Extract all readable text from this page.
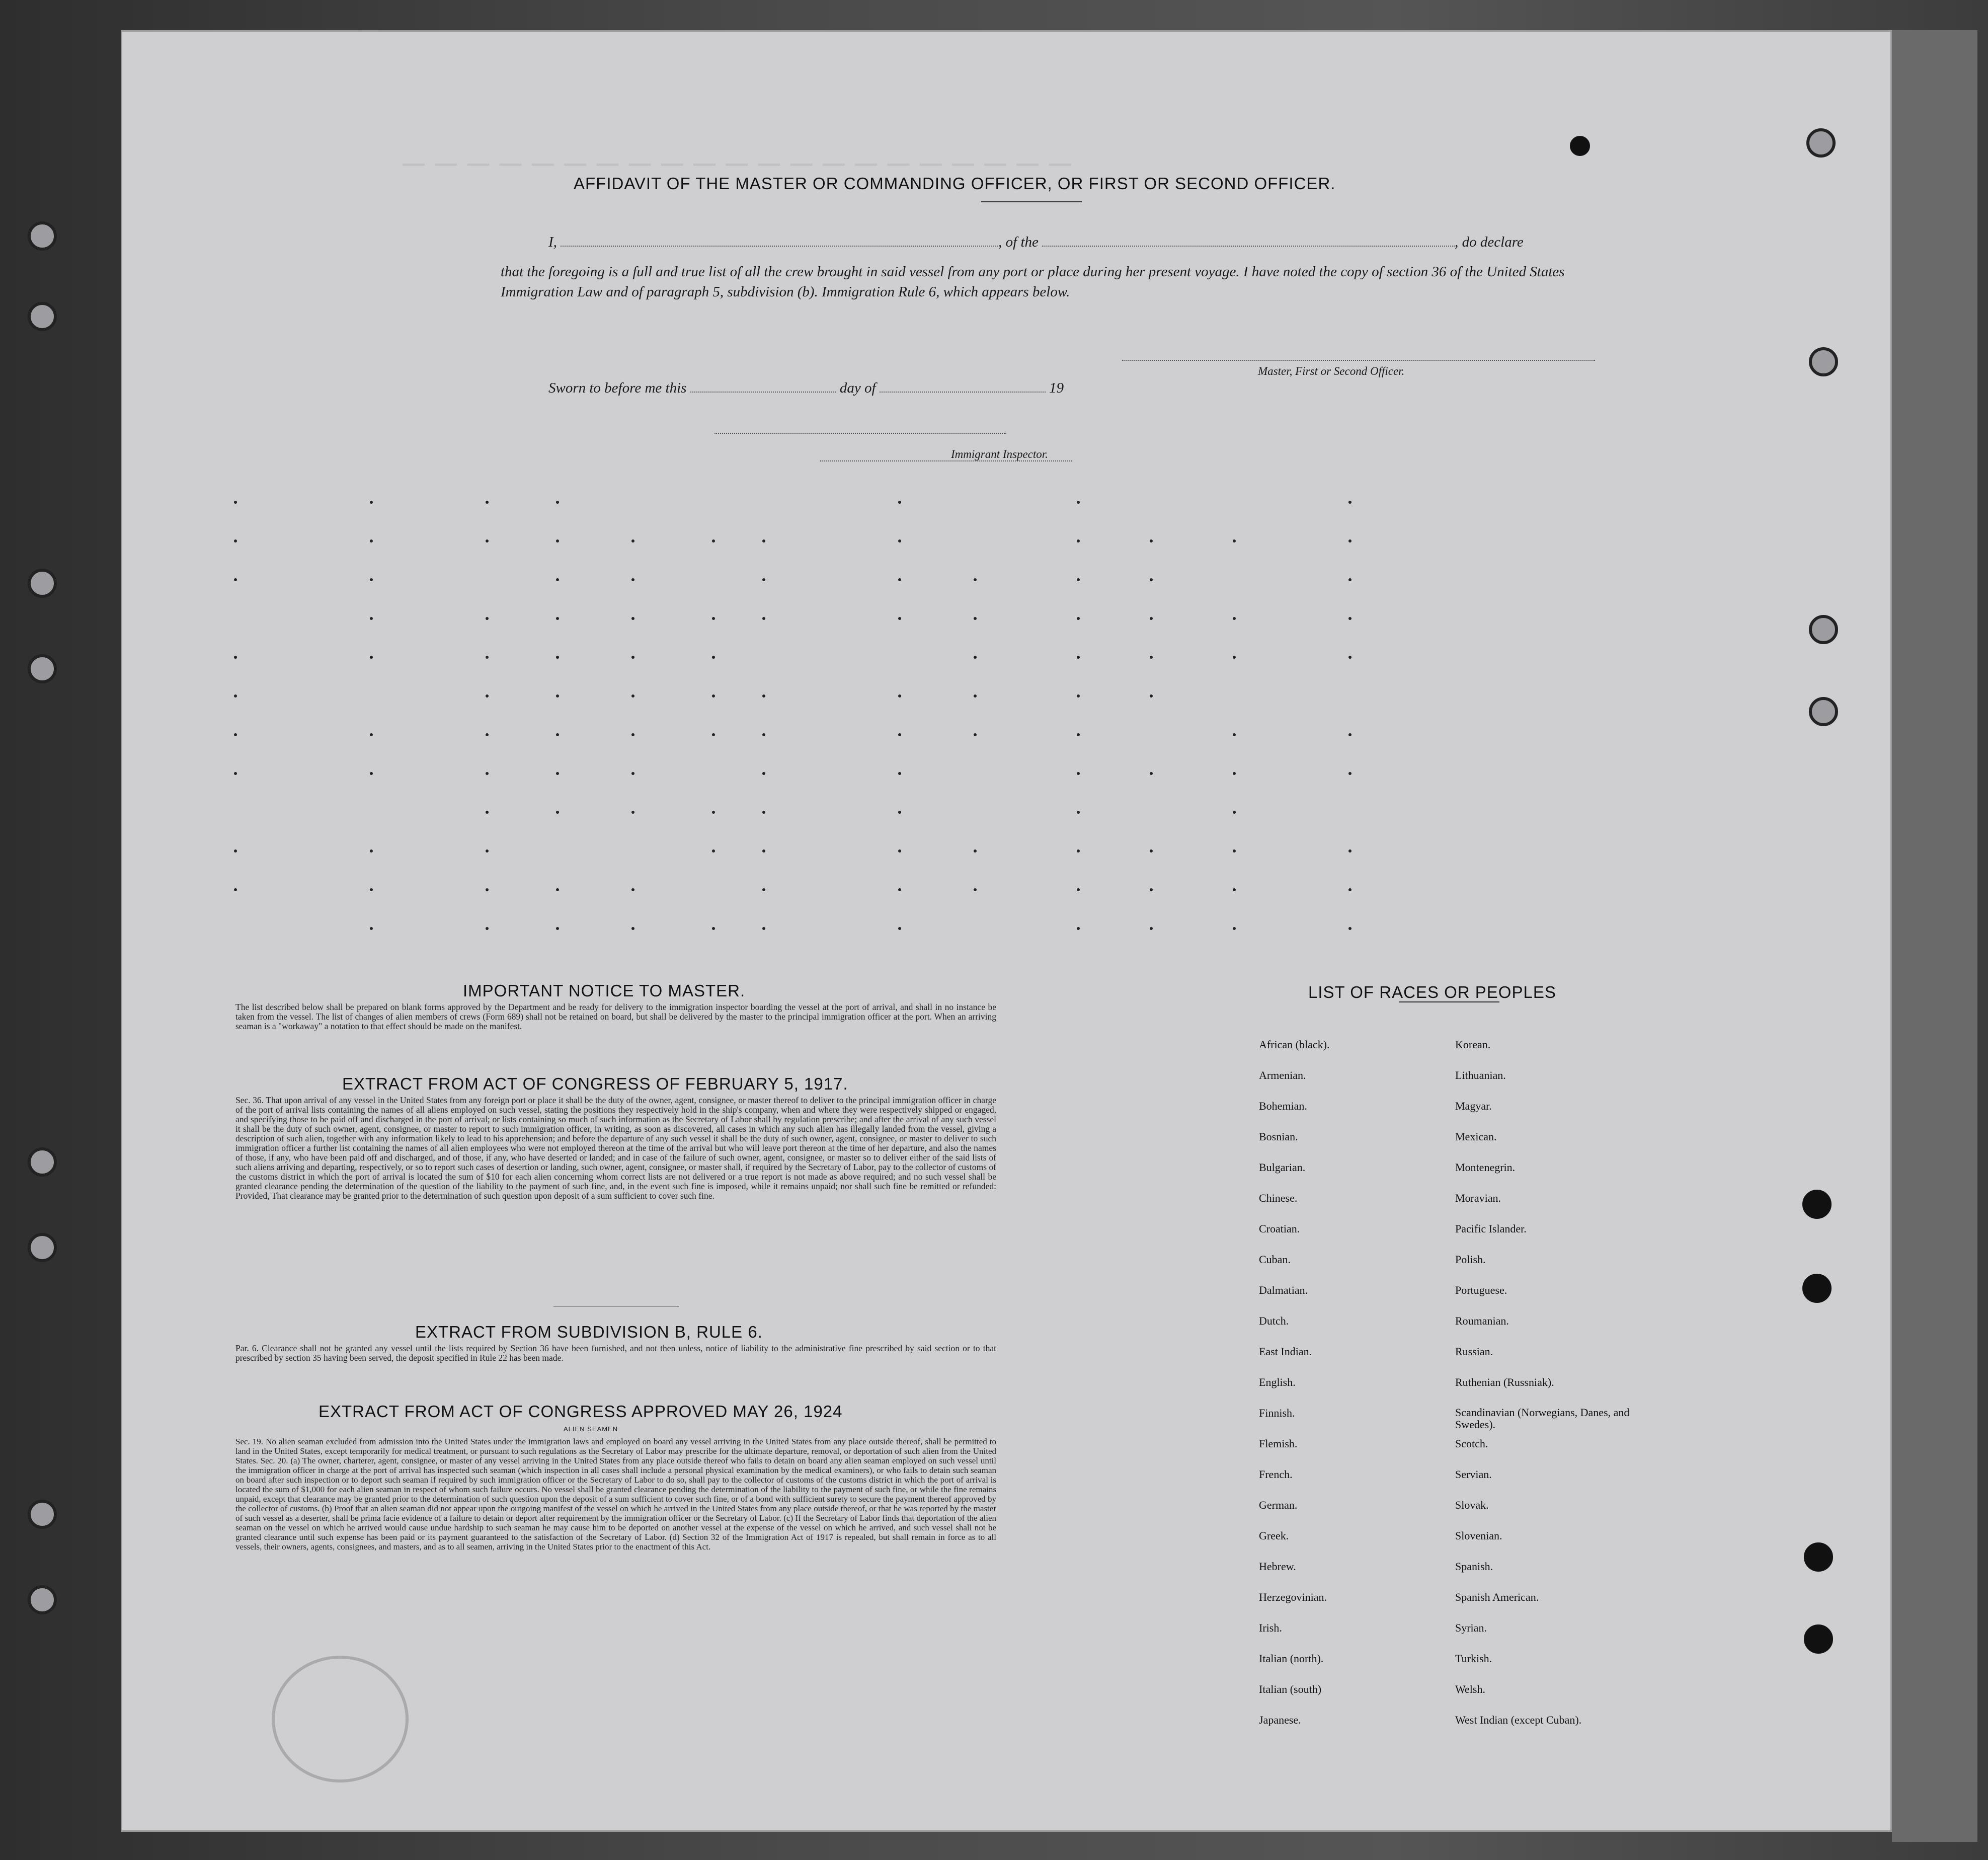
— — — — — — — — — — — — — — — — — — — — —
AFFIDAVIT OF THE MASTER OR COMMANDING OFFICER, OR FIRST OR SECOND OFFICER.
I,	, of the	, do declare
that the foregoing is a full and true list of all the crew brought in said vessel from any port or place during her present voyage. I have noted the copy of section 36 of the United States Immigration Law and of paragraph 5, subdivision (b). Immigration Rule 6, which appears below.
Master, First or Second Officer.
Sworn to before me this	day of	19
Immigrant Inspector.
IMPORTANT NOTICE TO MASTER.
The list described below shall be prepared on blank forms approved by the Department and be ready for delivery to the immigration inspector boarding the vessel at the port of arrival, and shall in no instance be taken from the vessel. The list of changes of alien members of crews (Form 689) shall not be retained on board, but shall be delivered by the master to the principal immigration officer at the port. When an arriving seaman is a "workaway" a notation to that effect should be made on the manifest.
EXTRACT FROM ACT OF CONGRESS OF FEBRUARY 5, 1917.
Sec. 36. That upon arrival of any vessel in the United States from any foreign port or place it shall be the duty of the owner, agent, consignee, or master thereof to deliver to the principal immigration officer in charge of the port of arrival lists containing the names of all aliens employed on such vessel, stating the positions they respectively hold in the ship's company, when and where they were respectively shipped or engaged, and specifying those to be paid off and discharged in the port of arrival; or lists containing so much of such information as the Secretary of Labor shall by regulation prescribe; and after the arrival of any such vessel it shall be the duty of such owner, agent, consignee, or master to report to such immigration officer, in writing, as soon as discovered, all cases in which any such alien has illegally landed from the vessel, giving a description of such alien, together with any information likely to lead to his apprehension; and before the departure of any such vessel it shall be the duty of such owner, agent, consignee, or master to deliver to such immigration officer a further list containing the names of all alien employees who were not employed thereon at the time of the arrival but who will leave port thereon at the time of her departure, and also the names of those, if any, who have been paid off and discharged, and of those, if any, who have deserted or landed; and in case of the failure of such owner, agent, consignee, or master so to deliver either of the said lists of such aliens arriving and departing, respectively, or so to report such cases of desertion or landing, such owner, agent, consignee, or master shall, if required by the Secretary of Labor, pay to the collector of customs of the customs district in which the port of arrival is located the sum of $10 for each alien concerning whom correct lists are not delivered or a true report is not made as above required; and no such vessel shall be granted clearance pending the determination of the question of the liability to the payment of such fine, and, in the event such fine is imposed, while it remains unpaid; nor shall such fine be remitted or refunded: Provided, That clearance may be granted prior to the determination of such question upon deposit of a sum sufficient to cover such fine.
EXTRACT FROM SUBDIVISION B, RULE 6.
Par. 6. Clearance shall not be granted any vessel until the lists required by Section 36 have been furnished, and not then unless, notice of liability to the administrative fine prescribed by said section or to that prescribed by section 35 having been served, the deposit specified in Rule 22 has been made.
EXTRACT FROM ACT OF CONGRESS APPROVED MAY 26, 1924
ALIEN SEAMEN
Sec. 19. No alien seaman excluded from admission into the United States under the immigration laws and employed on board any vessel arriving in the United States from any place outside thereof, shall be permitted to land in the United States, except temporarily for medical treatment, or pursuant to such regulations as the Secretary of Labor may prescribe for the ultimate departure, removal, or deportation of such alien from the United States. Sec. 20. (a) The owner, charterer, agent, consignee, or master of any vessel arriving in the United States from any place outside thereof who fails to detain on board any alien seaman employed on such vessel until the immigration officer in charge at the port of arrival has inspected such seaman (which inspection in all cases shall include a personal physical examination by the medical examiners), or who fails to detain such seaman on board after such inspection or to deport such seaman if required by such immigration officer or the Secretary of Labor to do so, shall pay to the collector of customs of the customs district in which the port of arrival is located the sum of $1,000 for each alien seaman in respect of whom such failure occurs. No vessel shall be granted clearance pending the determination of the liability to the payment of such fine, or while the fine remains unpaid, except that clearance may be granted prior to the determination of such question upon the deposit of a sum sufficient to cover such fine, or of a bond with sufficient surety to secure the payment thereof approved by the collector of customs. (b) Proof that an alien seaman did not appear upon the outgoing manifest of the vessel on which he arrived in the United States from any place outside thereof, or that he was reported by the master of such vessel as a deserter, shall be prima facie evidence of a failure to detain or deport after requirement by the immigration officer or the Secretary of Labor. (c) If the Secretary of Labor finds that deportation of the alien seaman on the vessel on which he arrived would cause undue hardship to such seaman he may cause him to be deported on another vessel at the expense of the vessel on which he arrived, and such vessel shall not be granted clearance until such expense has been paid or its payment guaranteed to the satisfaction of the Secretary of Labor. (d) Section 32 of the Immigration Act of 1917 is repealed, but shall remain in force as to all vessels, their owners, agents, consignees, and masters, and as to all seamen, arriving in the United States prior to the enactment of this Act.
LIST OF RACES OR PEOPLES
African (black).
Armenian.
Bohemian.
Bosnian.
Bulgarian.
Chinese.
Croatian.
Cuban.
Dalmatian.
Dutch.
East Indian.
English.
Finnish.
Flemish.
French.
German.
Greek.
Hebrew.
Herzegovinian.
Irish.
Italian (north).
Italian (south)
Japanese.
Korean.
Lithuanian.
Magyar.
Mexican.
Montenegrin.
Moravian.
Pacific Islander.
Polish.
Portuguese.
Roumanian.
Russian.
Ruthenian (Russniak).
Scandinavian (Norwegians, Danes, and Swedes).
Scotch.
Servian.
Slovak.
Slovenian.
Spanish.
Spanish American.
Syrian.
Turkish.
Welsh.
West Indian (except Cuban).
